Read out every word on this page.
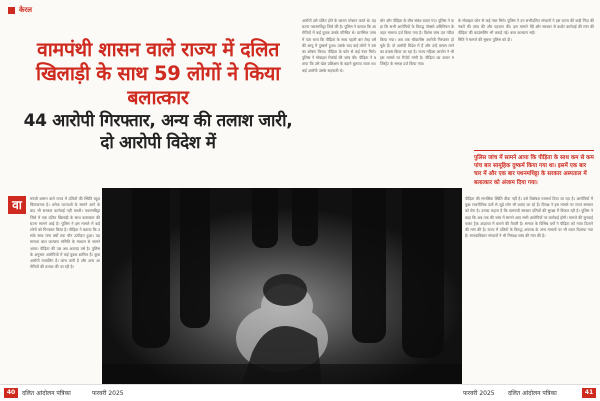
केरल
वामपंथी शासन वाले राज्य में दलित खिलाड़ी के साथ 59 लोगों ने किया बलात्कार
44 आरोपी गिरफ्तार, अन्य की तलाश जारी, दो आरोपी विदेश में
आरोपी उसे दलित होने के कारण परेशान करते थे। यह घटना पथनमथिट्टा जिले की है। पुलिस ने बताया कि आरोपियों में कई युवक उसके परिचित थे। प्रारंभिक जांच में पता चला कि पीड़िता के साथ पहली बार तेरह वर्ष की आयु में दुष्कर्म हुआ। उसके बाद कई लोगों ने उसका शोषण किया। पीड़िता के फोन से कई नंबर मिले। पुलिस ने मोबाइल रिकॉर्ड की जांच की। पीड़िता ने बताया कि उसे खेल प्रशिक्षण के बहाने बुलाया जाता था। कई आरोपी उसके सहपाठी थे।
चोर और पीड़िता के बीच संबंध बताए गए। पुलिस ने कहा कि सभी आरोपियों के विरुद्ध पॉक्सो अधिनियम के तहत मामला दर्ज किया गया है। विशेष जांच दल गठित किया गया। अब तक चौवालीस आरोपी गिरफ्तार हो चुके हैं। दो आरोपी विदेश में हैं और उन्हें वापस लाने का प्रयास किया जा रहा है। राज्य महिला आयोग ने भी इस मामले पर रिपोर्ट मांगी है। पीड़िता का बयान मजिस्ट्रेट के समक्ष दर्ज किया गया।
के मोबाइल फोन से कई नंबर मिले। पुलिस ने उन सभी नंबरों की जांच की और पहचान की। इस मामले में पीड़िता की काउंसलिंग भी कराई गई। बाल कल्याण समिति ने मामले की सूचना पुलिस को दी।
दलित संगठनों ने इस घटना की कड़ी निंदा की है और सरकार से कठोर कार्रवाई की मांग की है।
पुलिस जांच में सामने आया कि पीड़िता के साथ कम से कम पांच बार सामूहिक दुष्कर्म किया गया था। इसमें एक बार चार में और एक बार पथनमथिट्टा के सरकार अस्पताल में बलात्कार को अंजाम दिया गया।
वा	मपंथी शासन वाले राज्य में दलितों की स्थिति बहुत चिंताजनक है। अनेक घटनाओं के सामने आने के बाद भी सरकार कार्रवाई नहीं करती। पथनमथिट्टा जिले में एक दलित खिलाड़ी के साथ बलात्कार की घटना सामने आई है। पुलिस ने इस मामले में कई लोगों को गिरफ्तार किया है। पीड़िता ने बताया कि उसके साथ पांच वर्षों तक यौन उत्पीड़न हुआ। यह मामला बाल कल्याण समिति के माध्यम से सामने आया। पीड़िता की उम्र अब अठारह वर्ष है। पुलिस के अनुसार आरोपियों में कई युवक शामिल हैं। कुछ आरोपी नाबालिग हैं। जांच जारी है और अन्य आरोपियों की तलाश की जा रही है।
पीड़िता की मानसिक स्थिति ठीक नहीं है। उसे विशेषज्ञ परामर्श दिया जा रहा है। आरोपियों में कुछ राजनीतिक दलों से जुड़े लोग भी बताए जा रहे हैं। विपक्ष ने इस मामले पर राज्य सरकार को घेरा है। उनका कहना है कि वामपंथी सरकार दलितों की सुरक्षा में विफल रही है। पुलिस ने कहा कि अब तक की जांच में सामने आए सभी आरोपियों पर कार्रवाई होगी। मामले की सुनवाई फास्ट ट्रैक अदालत में कराने की तैयारी है। समाज के विभिन्न वर्गों ने पीड़िता को न्याय दिलाने की मांग की है। राज्य में दलितों के विरुद्ध अपराध के अन्य मामलों पर भी ध्यान दिलाया गया है। मानवाधिकार संगठनों ने भी निष्पक्ष जांच की मांग की है।
40	दलित आंदोलन पत्रिका	फरवरी 2025	फरवरी 2025 दलित आंदोलन पत्रिका	41
